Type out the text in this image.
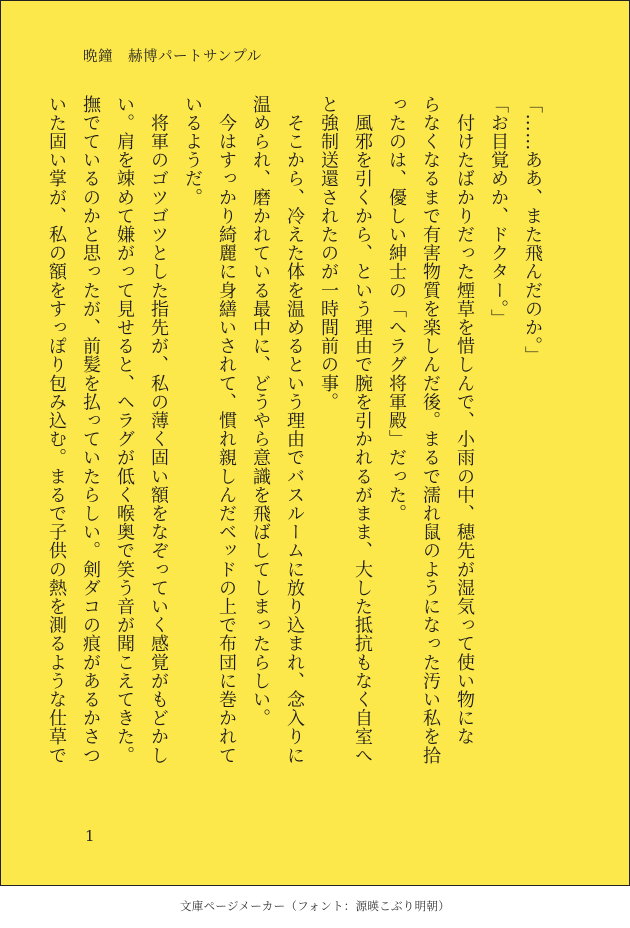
晩鐘　赫博パートサンプル
「……ああ、また飛んだのか。」
「お目覚めか、ドクター。」
　付けたばかりだった煙草を惜しんで、小雨の中、穂先が湿気って使い物にな
らなくなるまで有害物質を楽しんだ後。まるで濡れ鼠のようになった汚い私を拾
ったのは、優しい紳士の「ヘラグ将軍殿」だった。
　風邪を引くから、という理由で腕を引かれるがまま、大した抵抗もなく自室へ
と強制送還されたのが一時間前の事。
　そこから、冷えた体を温めるという理由でバスルームに放り込まれ、念入りに
温められ、磨かれている最中に、どうやら意識を飛ばしてしまったらしい。
　今はすっかり綺麗に身繕いされて、慣れ親しんだベッドの上で布団に巻かれて
いるようだ。
　将軍のゴツゴツとした指先が、私の薄く固い額をなぞっていく感覚がもどかし
い。肩を竦めて嫌がって見せると、ヘラグが低く喉奥で笑う音が聞こえてきた。
撫でているのかと思ったが、前髪を払っていたらしい。剣ダコの痕があるかさつ
いた固い掌が、私の額をすっぽり包み込む。まるで子供の熱を測るような仕草で
1
文庫ページメーカー（フォント：源暎こぶり明朝）
